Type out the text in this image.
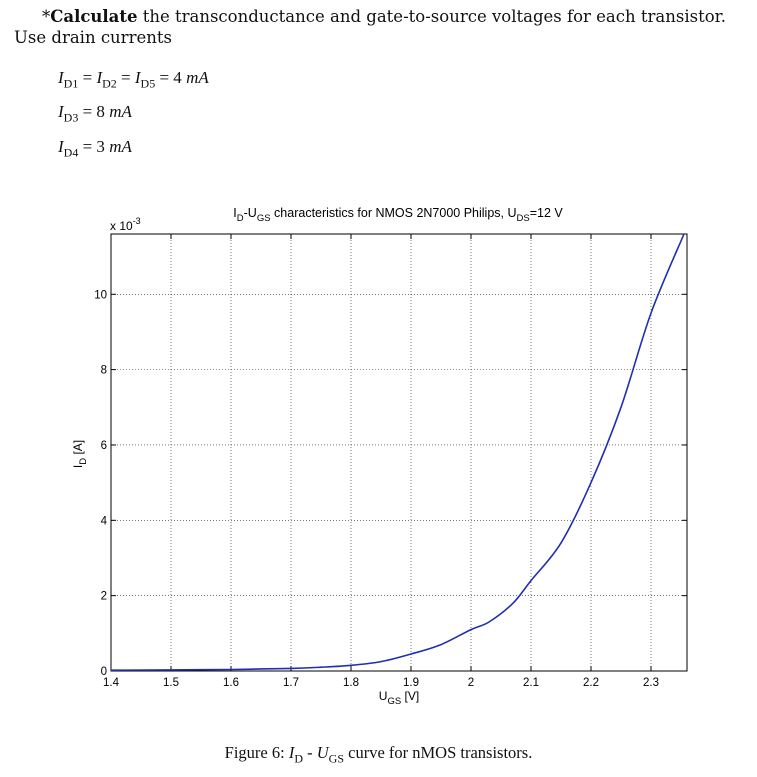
*Calculate the transconductance and gate-to-source voltages for each transistor.
Use drain currents
$I_{D1} = I_{D2} = I_{D5} = 4$ mA
$I_{D3} = 8$ mA
$I_{D4} = 3$ mA
$I_D-U_{GS}$ characteristics for NMOS 2N7000 Philips, $U_{DS}=12$ V
x $10^{-3}$
$U_{GS}$ [V]
$I_D$ [A]
1.4	1.5	1.6	1.7	1.8	1.9	2	2.1	2.2	2.3
0
2
4
6
8
10
Figure 6: $I_D - U_{GS}$ curve for nMOS transistors.
